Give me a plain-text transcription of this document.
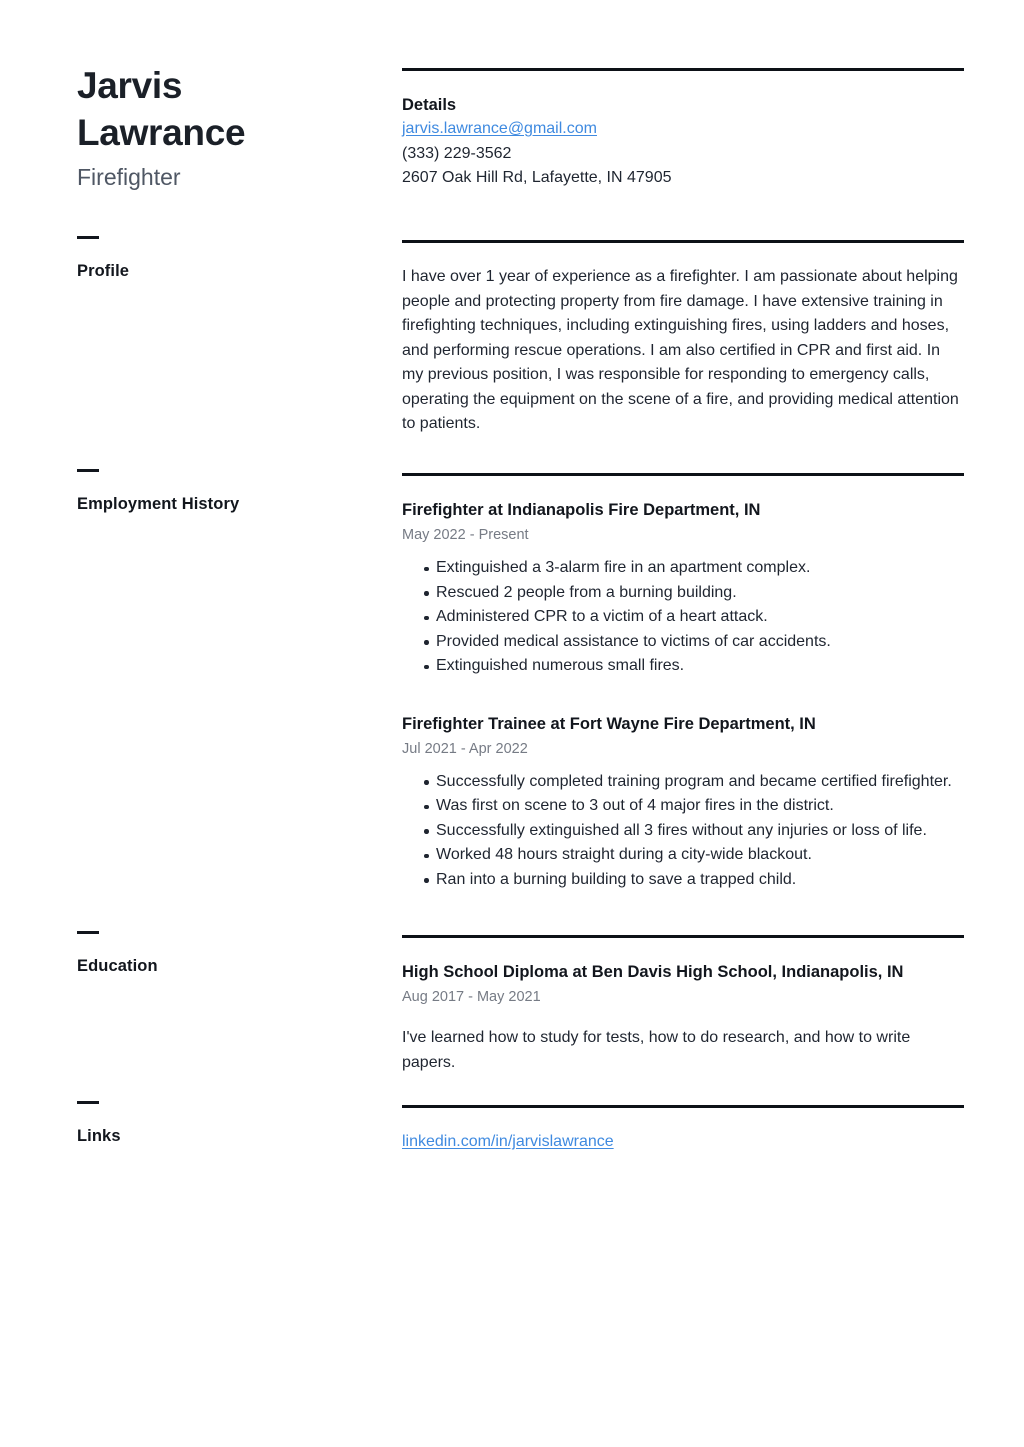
Jarvis
Lawrance
Firefighter
Details
jarvis.lawrance@gmail.com
(333) 229-3562
2607 Oak Hill Rd, Lafayette, IN 47905
Profile	I have over 1 year of experience as a firefighter. I am passionate about helping people and protecting property from fire damage. I have extensive training in firefighting techniques, including extinguishing fires, using ladders and hoses, and performing rescue operations. I am also certified in CPR and first aid. In my previous position, I was responsible for responding to emergency calls, operating the equipment on the scene of a fire, and providing medical attention to patients.
Employment History	Firefighter at Indianapolis Fire Department, IN
May 2022 - Present
Extinguished a 3-alarm fire in an apartment complex.
Rescued 2 people from a burning building.
Administered CPR to a victim of a heart attack.
Provided medical assistance to victims of car accidents.
Extinguished numerous small fires.
Firefighter Trainee at Fort Wayne Fire Department, IN
Jul 2021 - Apr 2022
Successfully completed training program and became certified firefighter.
Was first on scene to 3 out of 4 major fires in the district.
Successfully extinguished all 3 fires without any injuries or loss of life.
Worked 48 hours straight during a city-wide blackout.
Ran into a burning building to save a trapped child.
Education	High School Diploma at Ben Davis High School, Indianapolis, IN
Aug 2017 - May 2021
I've learned how to study for tests, how to do research, and how to write papers.
Links	linkedin.com/in/jarvislawrance
